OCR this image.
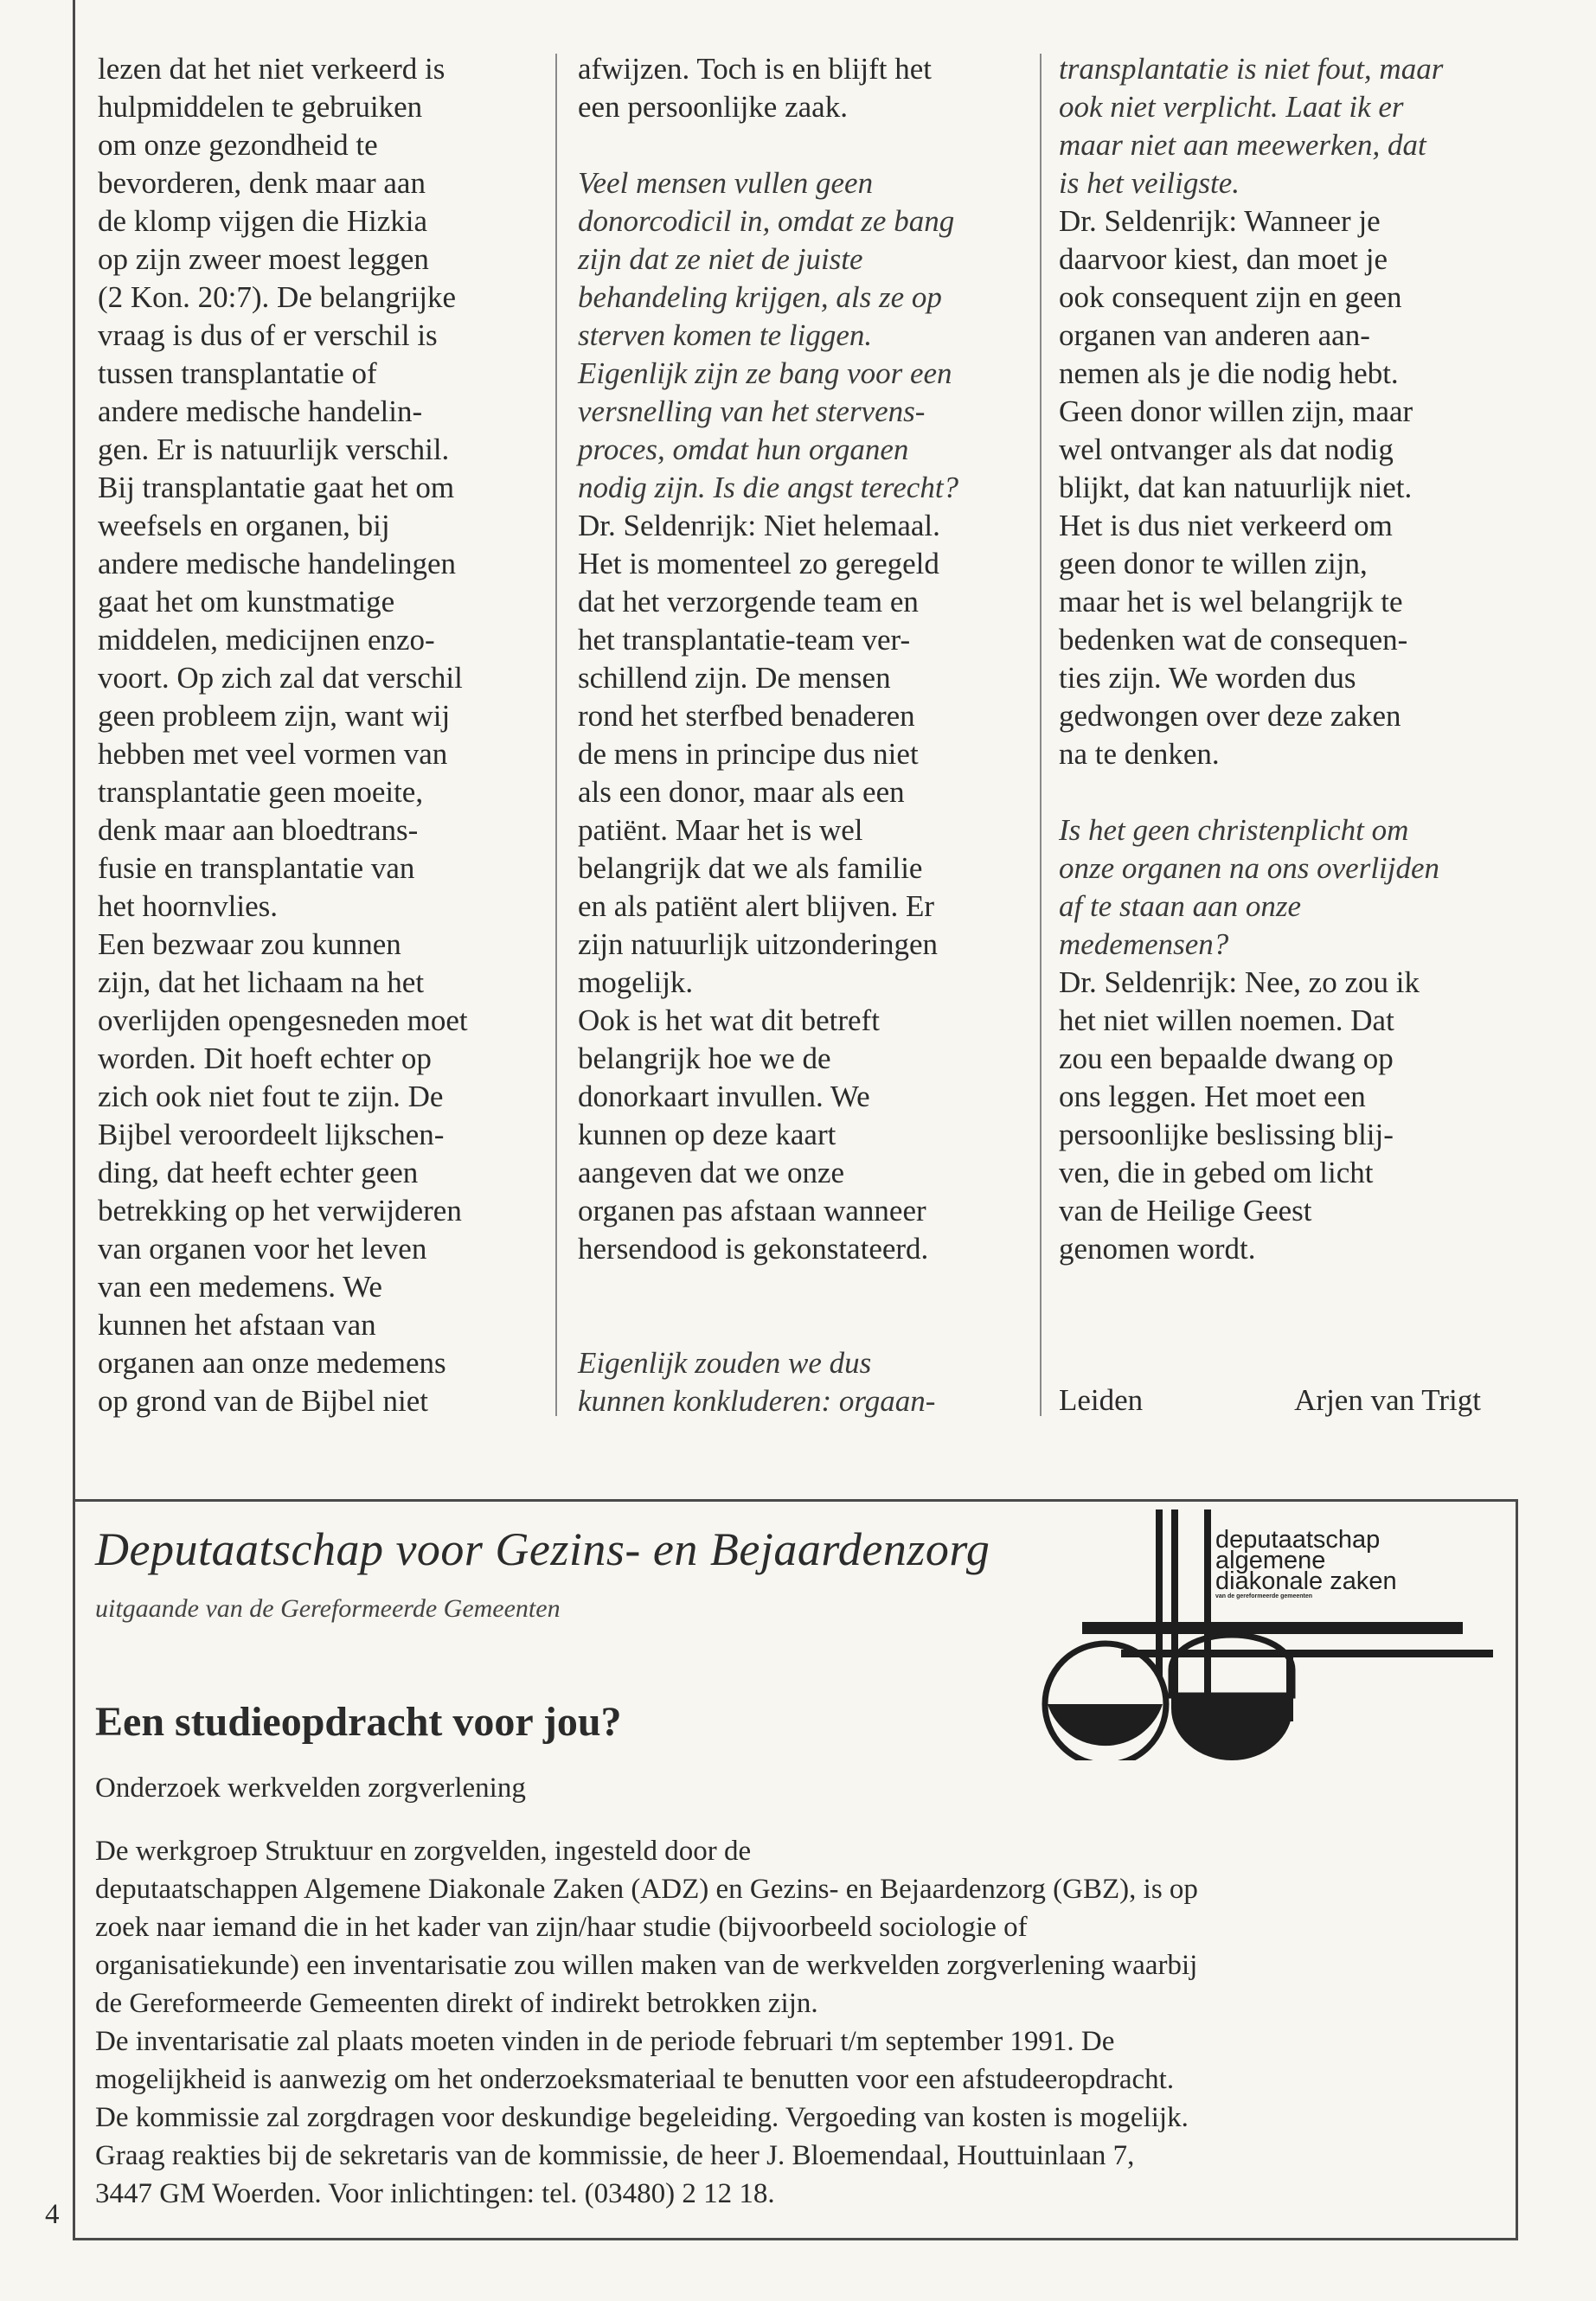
lezen dat het niet verkeerd is

hulpmiddelen te gebruiken

om onze gezondheid te

bevorderen, denk maar aan

de klomp vijgen die Hizkia

op zijn zweer moest leggen

(2 Kon. 20:7). De belangrijke

vraag is dus of er verschil is

tussen transplantatie of

andere medische handelin-

gen. Er is natuurlijk verschil.

Bij transplantatie gaat het om

weefsels en organen, bij

andere medische handelingen

gaat het om kunstmatige

middelen, medicijnen enzo-

voort. Op zich zal dat verschil

geen probleem zijn, want wij

hebben met veel vormen van

transplantatie geen moeite,

denk maar aan bloedtrans-

fusie en transplantatie van

het hoornvlies.

Een bezwaar zou kunnen

zijn, dat het lichaam na het

overlijden opengesneden moet

worden. Dit hoeft echter op

zich ook niet fout te zijn. De

Bijbel veroordeelt lijkschen-

ding, dat heeft echter geen

betrekking op het verwijderen

van organen voor het leven

van een medemens. We

kunnen het afstaan van

organen aan onze medemens

op grond van de Bijbel niet

afwijzen. Toch is en blijft het

een persoonlijke zaak.

Veel mensen vullen geen

donorcodicil in, omdat ze bang

zijn dat ze niet de juiste

behandeling krijgen, als ze op

sterven komen te liggen.

Eigenlijk zijn ze bang voor een

versnelling van het stervens-

proces, omdat hun organen

nodig zijn. Is die angst terecht?

Dr. Seldenrijk: Niet helemaal.

Het is momenteel zo geregeld

dat het verzorgende team en

het transplantatie-team ver-

schillend zijn. De mensen

rond het sterfbed benaderen

de mens in principe dus niet

als een donor, maar als een

patiënt. Maar het is wel

belangrijk dat we als familie

en als patiënt alert blijven. Er

zijn natuurlijk uitzonderingen

mogelijk.

Ook is het wat dit betreft

belangrijk hoe we de

donorkaart invullen. We

kunnen op deze kaart

aangeven dat we onze

organen pas afstaan wanneer

hersendood is gekonstateerd.

Eigenlijk zouden we dus

kunnen konkluderen: orgaan-

transplantatie is niet fout, maar

ook niet verplicht. Laat ik er

maar niet aan meewerken, dat

is het veiligste.

Dr. Seldenrijk: Wanneer je

daarvoor kiest, dan moet je

ook consequent zijn en geen

organen van anderen aan-

nemen als je die nodig hebt.

Geen donor willen zijn, maar

wel ontvanger als dat nodig

blijkt, dat kan natuurlijk niet.

Het is dus niet verkeerd om

geen donor te willen zijn,

maar het is wel belangrijk te

bedenken wat de consequen-

ties zijn. We worden dus

gedwongen over deze zaken

na te denken.

Is het geen christenplicht om

onze organen na ons overlijden

af te staan aan onze

medemensen?

Dr. Seldenrijk: Nee, zo zou ik

het niet willen noemen. Dat

zou een bepaalde dwang op

ons leggen. Het moet een

persoonlijke beslissing blij-

ven, die in gebed om licht

van de Heilige Geest

genomen wordt.

Leiden	Arjen van Trigt
Deputaatschap voor Gezins- en Bejaardenzorg
uitgaande van de Gereformeerde Gemeenten
deputaatschap
algemene
diakonale zaken
van de gereformeerde gemeenten
Een studieopdracht voor jou?
Onderzoek werkvelden zorgverlening

De werkgroep Struktuur en zorgvelden, ingesteld door de

deputaatschappen Algemene Diakonale Zaken (ADZ) en Gezins- en Bejaardenzorg (GBZ), is op

zoek naar iemand die in het kader van zijn/haar studie (bijvoorbeeld sociologie of

organisatiekunde) een inventarisatie zou willen maken van de werkvelden zorgverlening waarbij

de Gereformeerde Gemeenten direkt of indirekt betrokken zijn.

De inventarisatie zal plaats moeten vinden in de periode februari t/m september 1991. De

mogelijkheid is aanwezig om het onderzoeksmateriaal te benutten voor een afstudeeropdracht.

De kommissie zal zorgdragen voor deskundige begeleiding. Vergoeding van kosten is mogelijk.

Graag reakties bij de sekretaris van de kommissie, de heer J. Bloemendaal, Houttuinlaan 7,

3447 GM Woerden. Voor inlichtingen: tel. (03480) 2 12 18.

4
